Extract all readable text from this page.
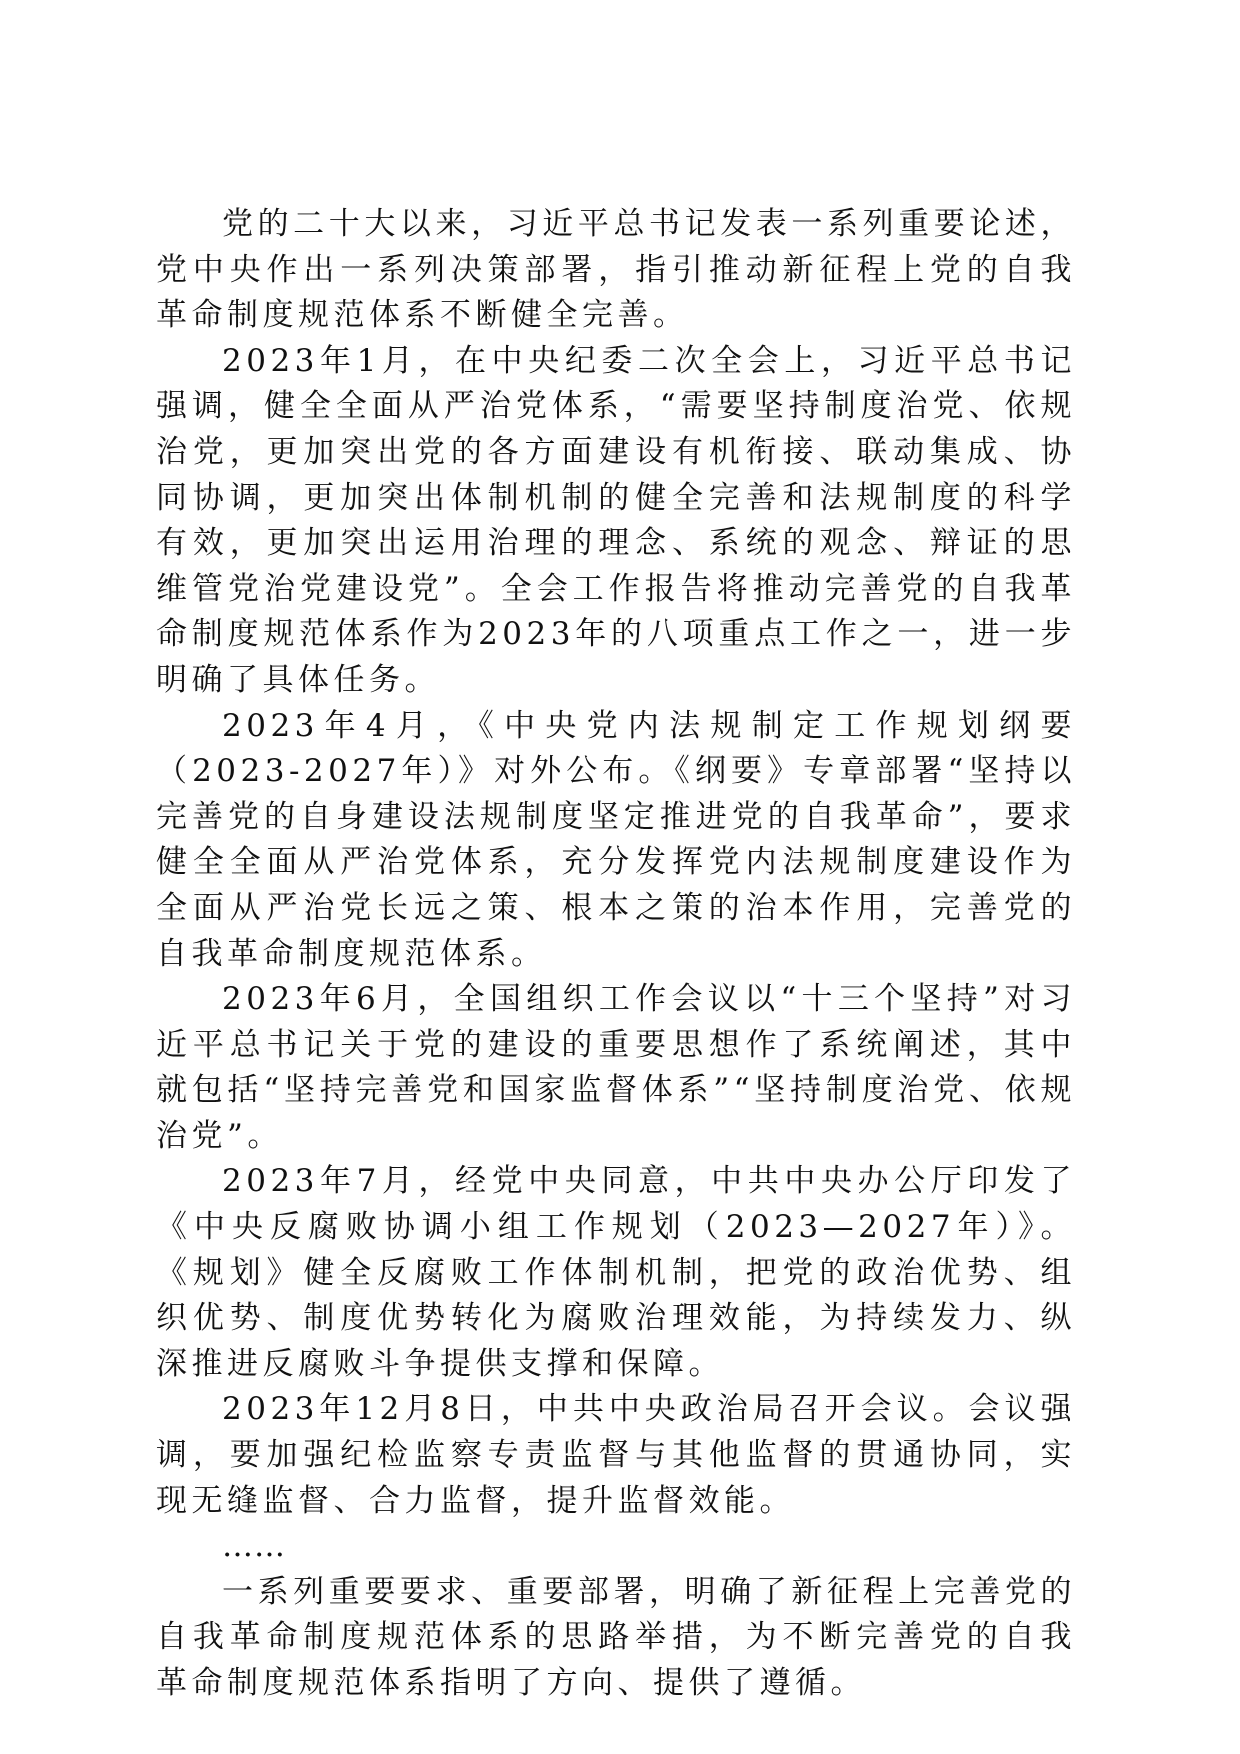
党的二十大以来，习近平总书记发表一系列重要论述，党中央作出一系列决策部署，指引推动新征程上党的自我革命制度规范体系不断健全完善。

2023年1月，在中央纪委二次全会上，习近平总书记强调，健全全面从严治党体系，“需要坚持制度治党、依规治党，更加突出党的各方面建设有机衔接、联动集成、协同协调，更加突出体制机制的健全完善和法规制度的科学有效，更加突出运用治理的理念、系统的观念、辩证的思维管党治党建设党”。全会工作报告将推动完善党的自我革命制度规范体系作为2023年的八项重点工作之一，进一步明确了具体任务。

2023年4月，《中央党内法规制定工作规划纲要（2023-2027年）》对外公布。《纲要》专章部署“坚持以完善党的自身建设法规制度坚定推进党的自我革命”，要求健全全面从严治党体系，充分发挥党内法规制度建设作为全面从严治党长远之策、根本之策的治本作用，完善党的自我革命制度规范体系。

2023年6月，全国组织工作会议以“十三个坚持”对习近平总书记关于党的建设的重要思想作了系统阐述，其中就包括“坚持完善党和国家监督体系”“坚持制度治党、依规治党”。

2023年7月，经党中央同意，中共中央办公厅印发了《中央反腐败协调小组工作规划（2023—2027年）》。《规划》健全反腐败工作体制机制，把党的政治优势、组织优势、制度优势转化为腐败治理效能，为持续发力、纵深推进反腐败斗争提供支撑和保障。

2023年12月8日，中共中央政治局召开会议。会议强调，要加强纪检监察专责监督与其他监督的贯通协同，实现无缝监督、合力监督，提升监督效能。

……

一系列重要要求、重要部署，明确了新征程上完善党的自我革命制度规范体系的思路举措，为不断完善党的自我革命制度规范体系指明了方向、提供了遵循。
